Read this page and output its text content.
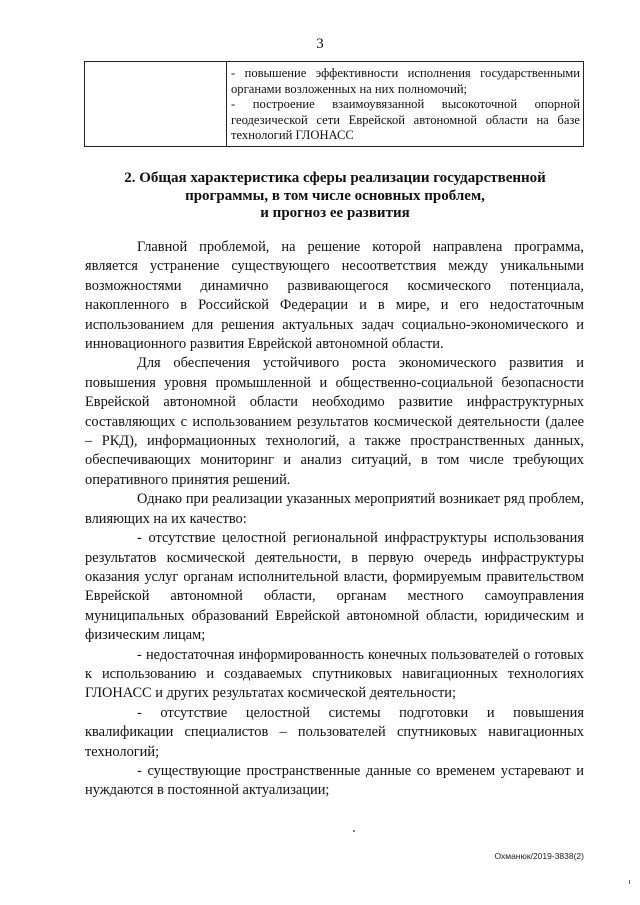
3

- повышение эффективности исполнения государственными органами возложенных на них полномочий;

- построение взаимоувязанной высокоточной опорной геодезической сети Еврейской автономной области на базе технологий ГЛОНАСС

2. Общая характеристика сферы реализации государственной
программы, в том числе основных проблем,
и прогноз ее развития

Главной проблемой, на решение которой направлена программа, является устранение существующего несоответствия между уникальными возможностями динамично развивающегося космического потенциала, накопленного в Российской Федерации и в мире, и его недостаточным использованием для решения актуальных задач социально-экономического и инновационного развития Еврейской автономной области.

Для обеспечения устойчивого роста экономического развития и повышения уровня промышленной и общественно-социальной безопасности Еврейской автономной области необходимо развитие инфраструктурных составляющих с использованием результатов космической деятельности (далее – РКД), информационных технологий, а также пространственных данных, обеспечивающих мониторинг и анализ ситуаций, в том числе требующих оперативного принятия решений.

Однако при реализации указанных мероприятий возникает ряд проблем, влияющих на их качество:

- отсутствие целостной региональной инфраструктуры использования результатов космической деятельности, в первую очередь инфраструктуры оказания услуг органам исполнительной власти, формируемым правительством Еврейской автономной области, органам местного самоуправления муниципальных образований Еврейской автономной области, юридическим и физическим лицам;

- недостаточная информированность конечных пользователей о готовых к использованию и создаваемых спутниковых навигационных технологиях ГЛОНАСС и других результатах космической деятельности;

- отсутствие целостной системы подготовки и повышения квалификации специалистов – пользователей спутниковых навигационных технологий;

- существующие пространственные данные со временем устаревают и нуждаются в постоянной актуализации;

Охманюк/2019-3838(2)
